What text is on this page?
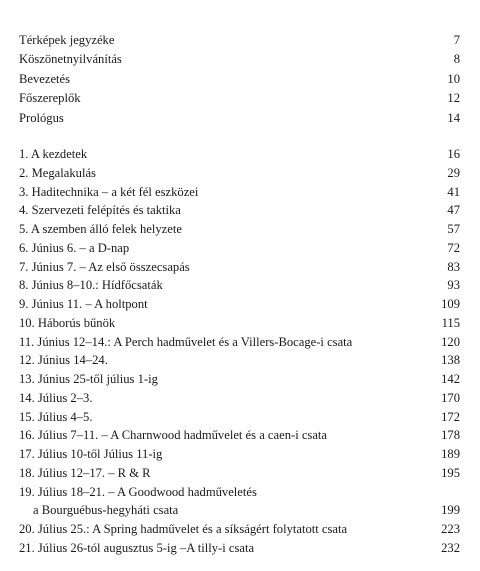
Térképek jegyzéke	7
Köszönetnyilvánítás	8
Bevezetés	10
Főszereplők	12
Prológus	14
1. A kezdetek	16
2. Megalakulás	29
3. Haditechnika – a két fél eszközei	41
4. Szervezeti felépítés és taktika	47
5. A szemben álló felek helyzete	57
6. Június 6. – a D-nap	72
7. Június 7. – Az első összecsapás	83
8. Június 8–10.: Hídfőcsaták	93
9. Június 11. – A holtpont	109
10. Háborús bűnök	115
11. Június 12–14.: A Perch hadművelet és a Villers-Bocage-i csata	120
12. Június 14–24.	138
13. Június 25-től július 1-ig	142
14. Július 2–3.	170
15. Július 4–5.	172
16. Július 7–11. – A Charnwood hadművelet és a caen-i csata	178
17. Július 10-től Július 11-ig	189
18. Július 12–17. – R & R	195
19. Július 18–21. – A Goodwood hadműveletés
a Bourguébus-hegyháti csata	199
20. Július 25.: A Spring hadművelet és a síkságért folytatott csata	223
21. Július 26-tól augusztus 5-ig –A tilly-i csata	232
